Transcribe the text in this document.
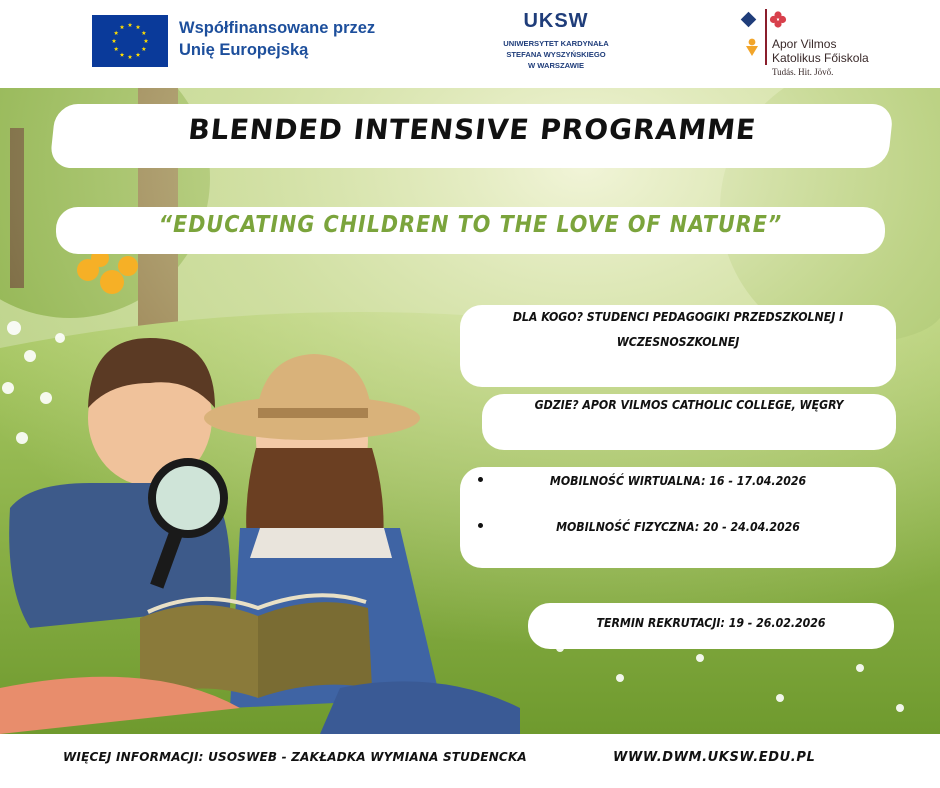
Współfinansowane przez
Unię Europejską
UKSW
UNIWERSYTET KARDYNAŁA
STEFANA WYSZYŃSKIEGO
W WARSZAWIE
Apor Vilmos
Katolikus Főiskola
Tudás. Hit. Jövő.
BLENDED INTENSIVE PROGRAMME
“EDUCATING CHILDREN TO THE LOVE OF NATURE”
DLA KOGO? STUDENCI PEDAGOGIKI PRZEDSZKOLNEJ I WCZESNOSZKOLNEJ
GDZIE? APOR VILMOS CATHOLIC COLLEGE, WĘGRY
MOBILNOŚĆ WIRTUALNA: 16 - 17.04.2026
MOBILNOŚĆ FIZYCZNA: 20 - 24.04.2026
TERMIN REKRUTACJI: 19 - 26.02.2026
WIĘCEJ INFORMACJI: USOSWEB - ZAKŁADKA WYMIANA STUDENCKA	WWW.DWM.UKSW.EDU.PL
